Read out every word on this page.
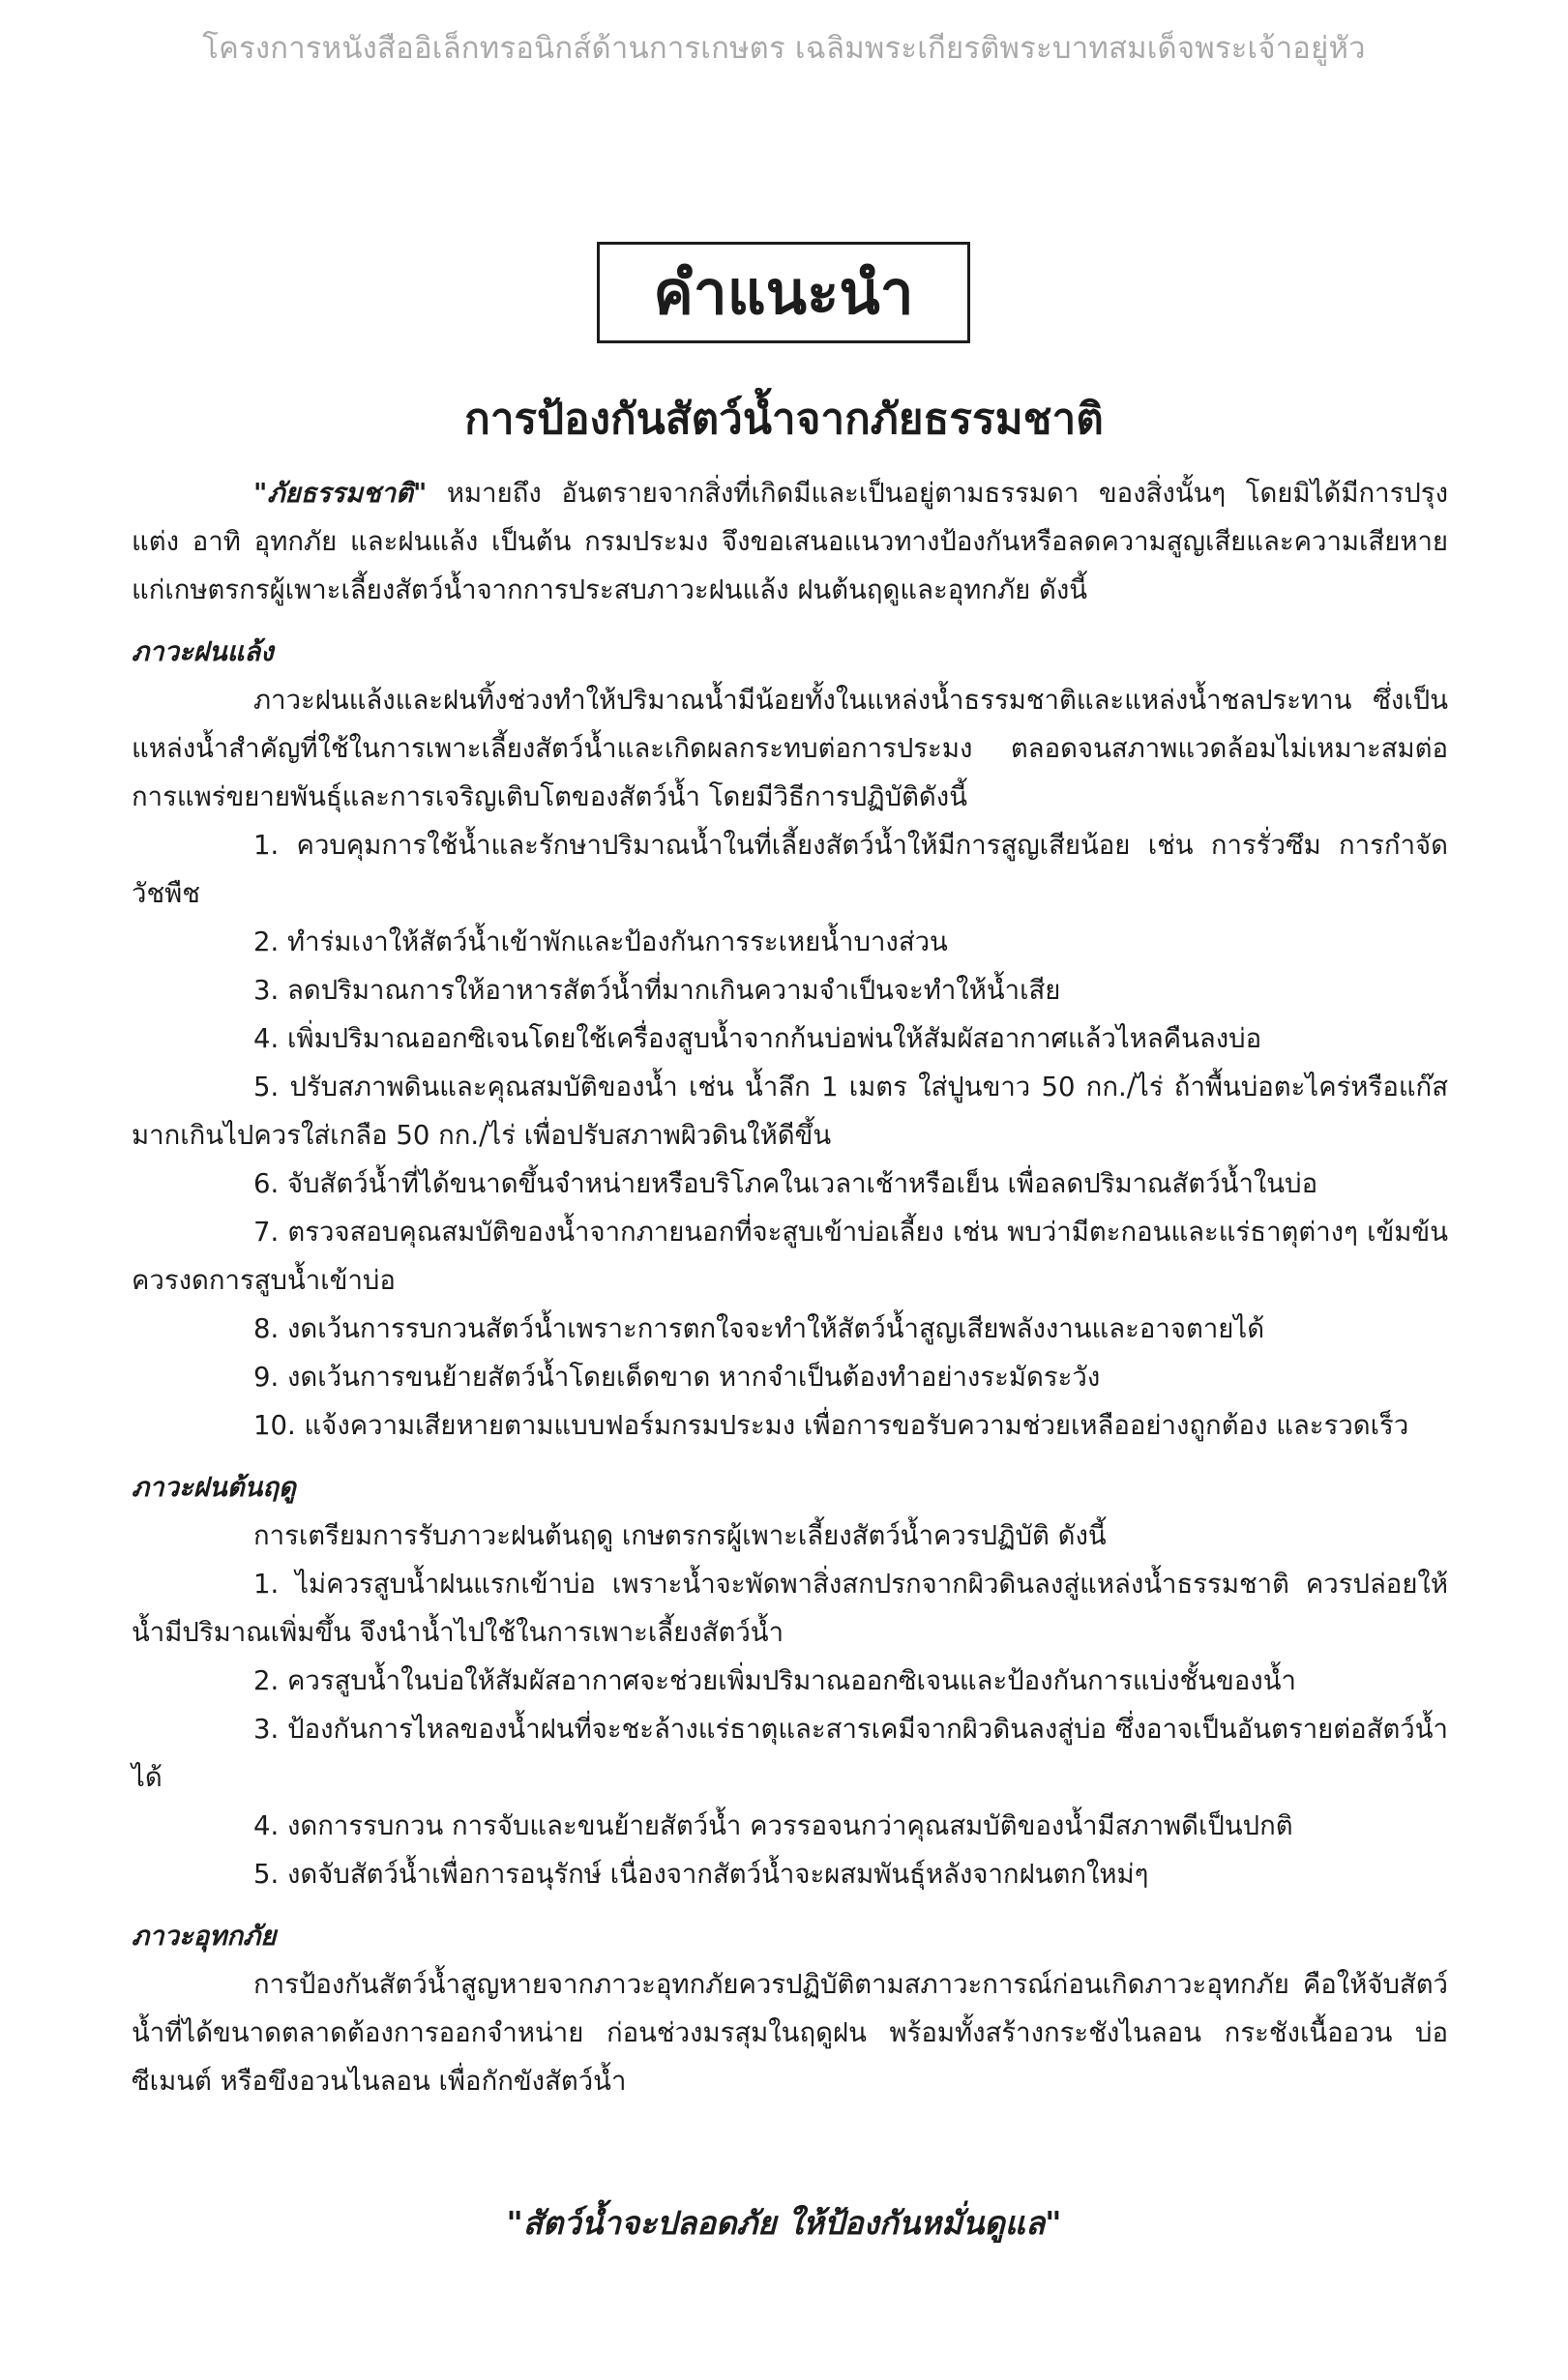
โครงการหนังสืออิเล็กทรอนิกส์ด้านการเกษตร เฉลิมพระเกียรติพระบาทสมเด็จพระเจ้าอยู่หัว
คำแนะนำ
การป้องกันสัตว์น้ำจากภัยธรรมชาติ

"ภัยธรรมชาติ" หมายถึง อันตรายจากสิ่งที่เกิดมีและเป็นอยู่ตามธรรมดา ของสิ่งนั้นๆ โดยมิได้มีการปรุงแต่ง อาทิ อุทกภัย และฝนแล้ง เป็นต้น กรมประมง จึงขอเสนอแนวทางป้องกันหรือลดความสูญเสียและความเสียหายแก่เกษตรกรผู้เพาะเลี้ยงสัตว์น้ำจากการประสบภาวะฝนแล้ง ฝนต้นฤดูและอุทกภัย ดังนี้

ภาวะฝนแล้ง

ภาวะฝนแล้งและฝนทิ้งช่วงทำให้ปริมาณน้ำมีน้อยทั้งในแหล่งน้ำธรรมชาติและแหล่งน้ำชลประทาน ซึ่งเป็นแหล่งน้ำสำคัญที่ใช้ในการเพาะเลี้ยงสัตว์น้ำและเกิดผลกระทบต่อการประมง ตลอดจนสภาพแวดล้อมไม่เหมาะสมต่อการแพร่ขยายพันธุ์และการเจริญเติบโตของสัตว์น้ำ โดยมีวิธีการปฏิบัติดังนี้

1. ควบคุมการใช้น้ำและรักษาปริมาณน้ำในที่เลี้ยงสัตว์น้ำให้มีการสูญเสียน้อย เช่น การรั่วซึม การกำจัดวัชพืช

2. ทำร่มเงาให้สัตว์น้ำเข้าพักและป้องกันการระเหยน้ำบางส่วน

3. ลดปริมาณการให้อาหารสัตว์น้ำที่มากเกินความจำเป็นจะทำให้น้ำเสีย

4. เพิ่มปริมาณออกซิเจนโดยใช้เครื่องสูบน้ำจากก้นบ่อพ่นให้สัมผัสอากาศแล้วไหลคืนลงบ่อ

5. ปรับสภาพดินและคุณสมบัติของน้ำ เช่น น้ำลึก 1 เมตร ใส่ปูนขาว 50 กก./ไร่ ถ้าพื้นบ่อตะไคร่หรือแก๊สมากเกินไปควรใส่เกลือ 50 กก./ไร่ เพื่อปรับสภาพผิวดินให้ดีขึ้น

6. จับสัตว์น้ำที่ได้ขนาดขึ้นจำหน่ายหรือบริโภคในเวลาเช้าหรือเย็น เพื่อลดปริมาณสัตว์น้ำในบ่อ

7. ตรวจสอบคุณสมบัติของน้ำจากภายนอกที่จะสูบเข้าบ่อเลี้ยง เช่น พบว่ามีตะกอนและแร่ธาตุต่างๆ เข้มข้น ควรงดการสูบน้ำเข้าบ่อ

8. งดเว้นการรบกวนสัตว์น้ำเพราะการตกใจจะทำให้สัตว์น้ำสูญเสียพลังงานและอาจตายได้

9. งดเว้นการขนย้ายสัตว์น้ำโดยเด็ดขาด หากจำเป็นต้องทำอย่างระมัดระวัง

10. แจ้งความเสียหายตามแบบฟอร์มกรมประมง เพื่อการขอรับความช่วยเหลืออย่างถูกต้อง และรวดเร็ว

ภาวะฝนต้นฤดู

การเตรียมการรับภาวะฝนต้นฤดู เกษตรกรผู้เพาะเลี้ยงสัตว์น้ำควรปฏิบัติ ดังนี้

1. ไม่ควรสูบน้ำฝนแรกเข้าบ่อ เพราะน้ำจะพัดพาสิ่งสกปรกจากผิวดินลงสู่แหล่งน้ำธรรมชาติ ควรปล่อยให้น้ำมีปริมาณเพิ่มขึ้น จึงนำน้ำไปใช้ในการเพาะเลี้ยงสัตว์น้ำ

2. ควรสูบน้ำในบ่อให้สัมผัสอากาศจะช่วยเพิ่มปริมาณออกซิเจนและป้องกันการแบ่งชั้นของน้ำ

3. ป้องกันการไหลของน้ำฝนที่จะชะล้างแร่ธาตุและสารเคมีจากผิวดินลงสู่บ่อ ซึ่งอาจเป็นอันตรายต่อสัตว์น้ำได้

4. งดการรบกวน การจับและขนย้ายสัตว์น้ำ ควรรอจนกว่าคุณสมบัติของน้ำมีสภาพดีเป็นปกติ

5. งดจับสัตว์น้ำเพื่อการอนุรักษ์ เนื่องจากสัตว์น้ำจะผสมพันธุ์หลังจากฝนตกใหม่ๆ

ภาวะอุทกภัย

การป้องกันสัตว์น้ำสูญหายจากภาวะอุทกภัยควรปฏิบัติตามสภาวะการณ์ก่อนเกิดภาวะอุทกภัย คือให้จับสัตว์น้ำที่ได้ขนาดตลาดต้องการออกจำหน่าย ก่อนช่วงมรสุมในฤดูฝน พร้อมทั้งสร้างกระชังไนลอน กระชังเนื้ออวน บ่อซีเมนต์ หรือขึงอวนไนลอน เพื่อกักขังสัตว์น้ำ

"สัตว์น้ำจะปลอดภัย ให้ป้องกันหมั่นดูแล"
